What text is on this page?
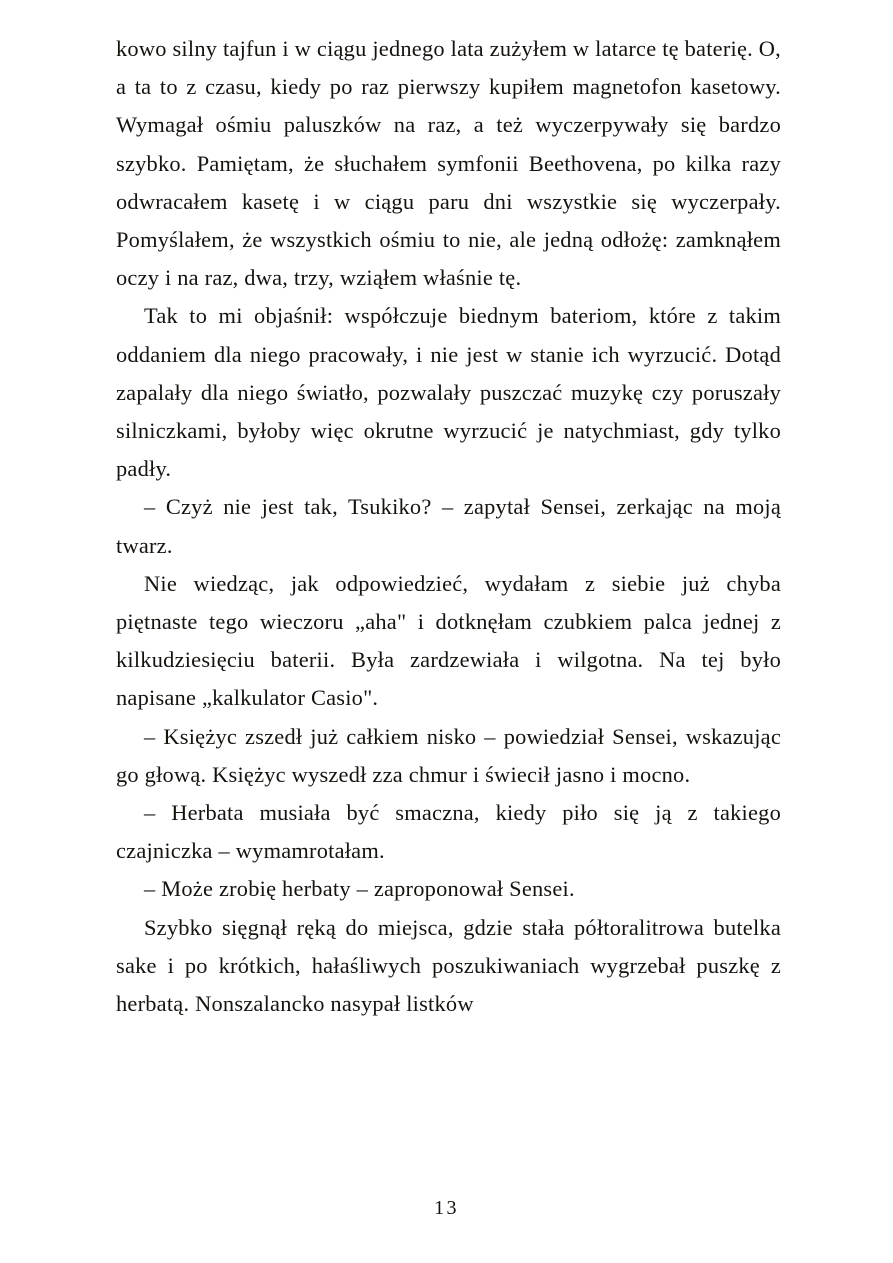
kowo silny tajfun i w ciągu jednego lata zużyłem w latarce tę baterię. O, a ta to z czasu, kiedy po raz pierwszy kupiłem magnetofon kasetowy. Wymagał ośmiu paluszków na raz, a też wyczerpywały się bardzo szybko. Pamiętam, że słuchałem symfonii Beethovena, po kilka razy odwracałem kasetę i w ciągu paru dni wszystkie się wyczerpały. Pomyślałem, że wszystkich ośmiu to nie, ale jedną odłożę: zamknąłem oczy i na raz, dwa, trzy, wziąłem właśnie tę.

Tak to mi objaśnił: współczuje biednym bateriom, które z takim oddaniem dla niego pracowały, i nie jest w stanie ich wyrzucić. Dotąd zapalały dla niego światło, pozwalały puszczać muzykę czy poruszały silniczkami, byłoby więc okrutne wyrzucić je natychmiast, gdy tylko padły.

– Czyż nie jest tak, Tsukiko? – zapytał Sensei, zerkając na moją twarz.

Nie wiedząc, jak odpowiedzieć, wydałam z siebie już chyba piętnaste tego wieczoru „aha" i dotknęłam czubkiem palca jednej z kilkudziesięciu baterii. Była zardzewiała i wilgotna. Na tej było napisane „kalkulator Casio".

– Księżyc zszedł już całkiem nisko – powiedział Sensei, wskazując go głową. Księżyc wyszedł zza chmur i świecił jasno i mocno.

– Herbata musiała być smaczna, kiedy piło się ją z takiego czajniczka – wymamrotałam.

– Może zrobię herbaty – zaproponował Sensei.

Szybko sięgnął ręką do miejsca, gdzie stała półtoralitrowa butelka sake i po krótkich, hałaśliwych poszukiwaniach wygrzebał puszkę z herbatą. Nonszalancko nasypał listków

13
